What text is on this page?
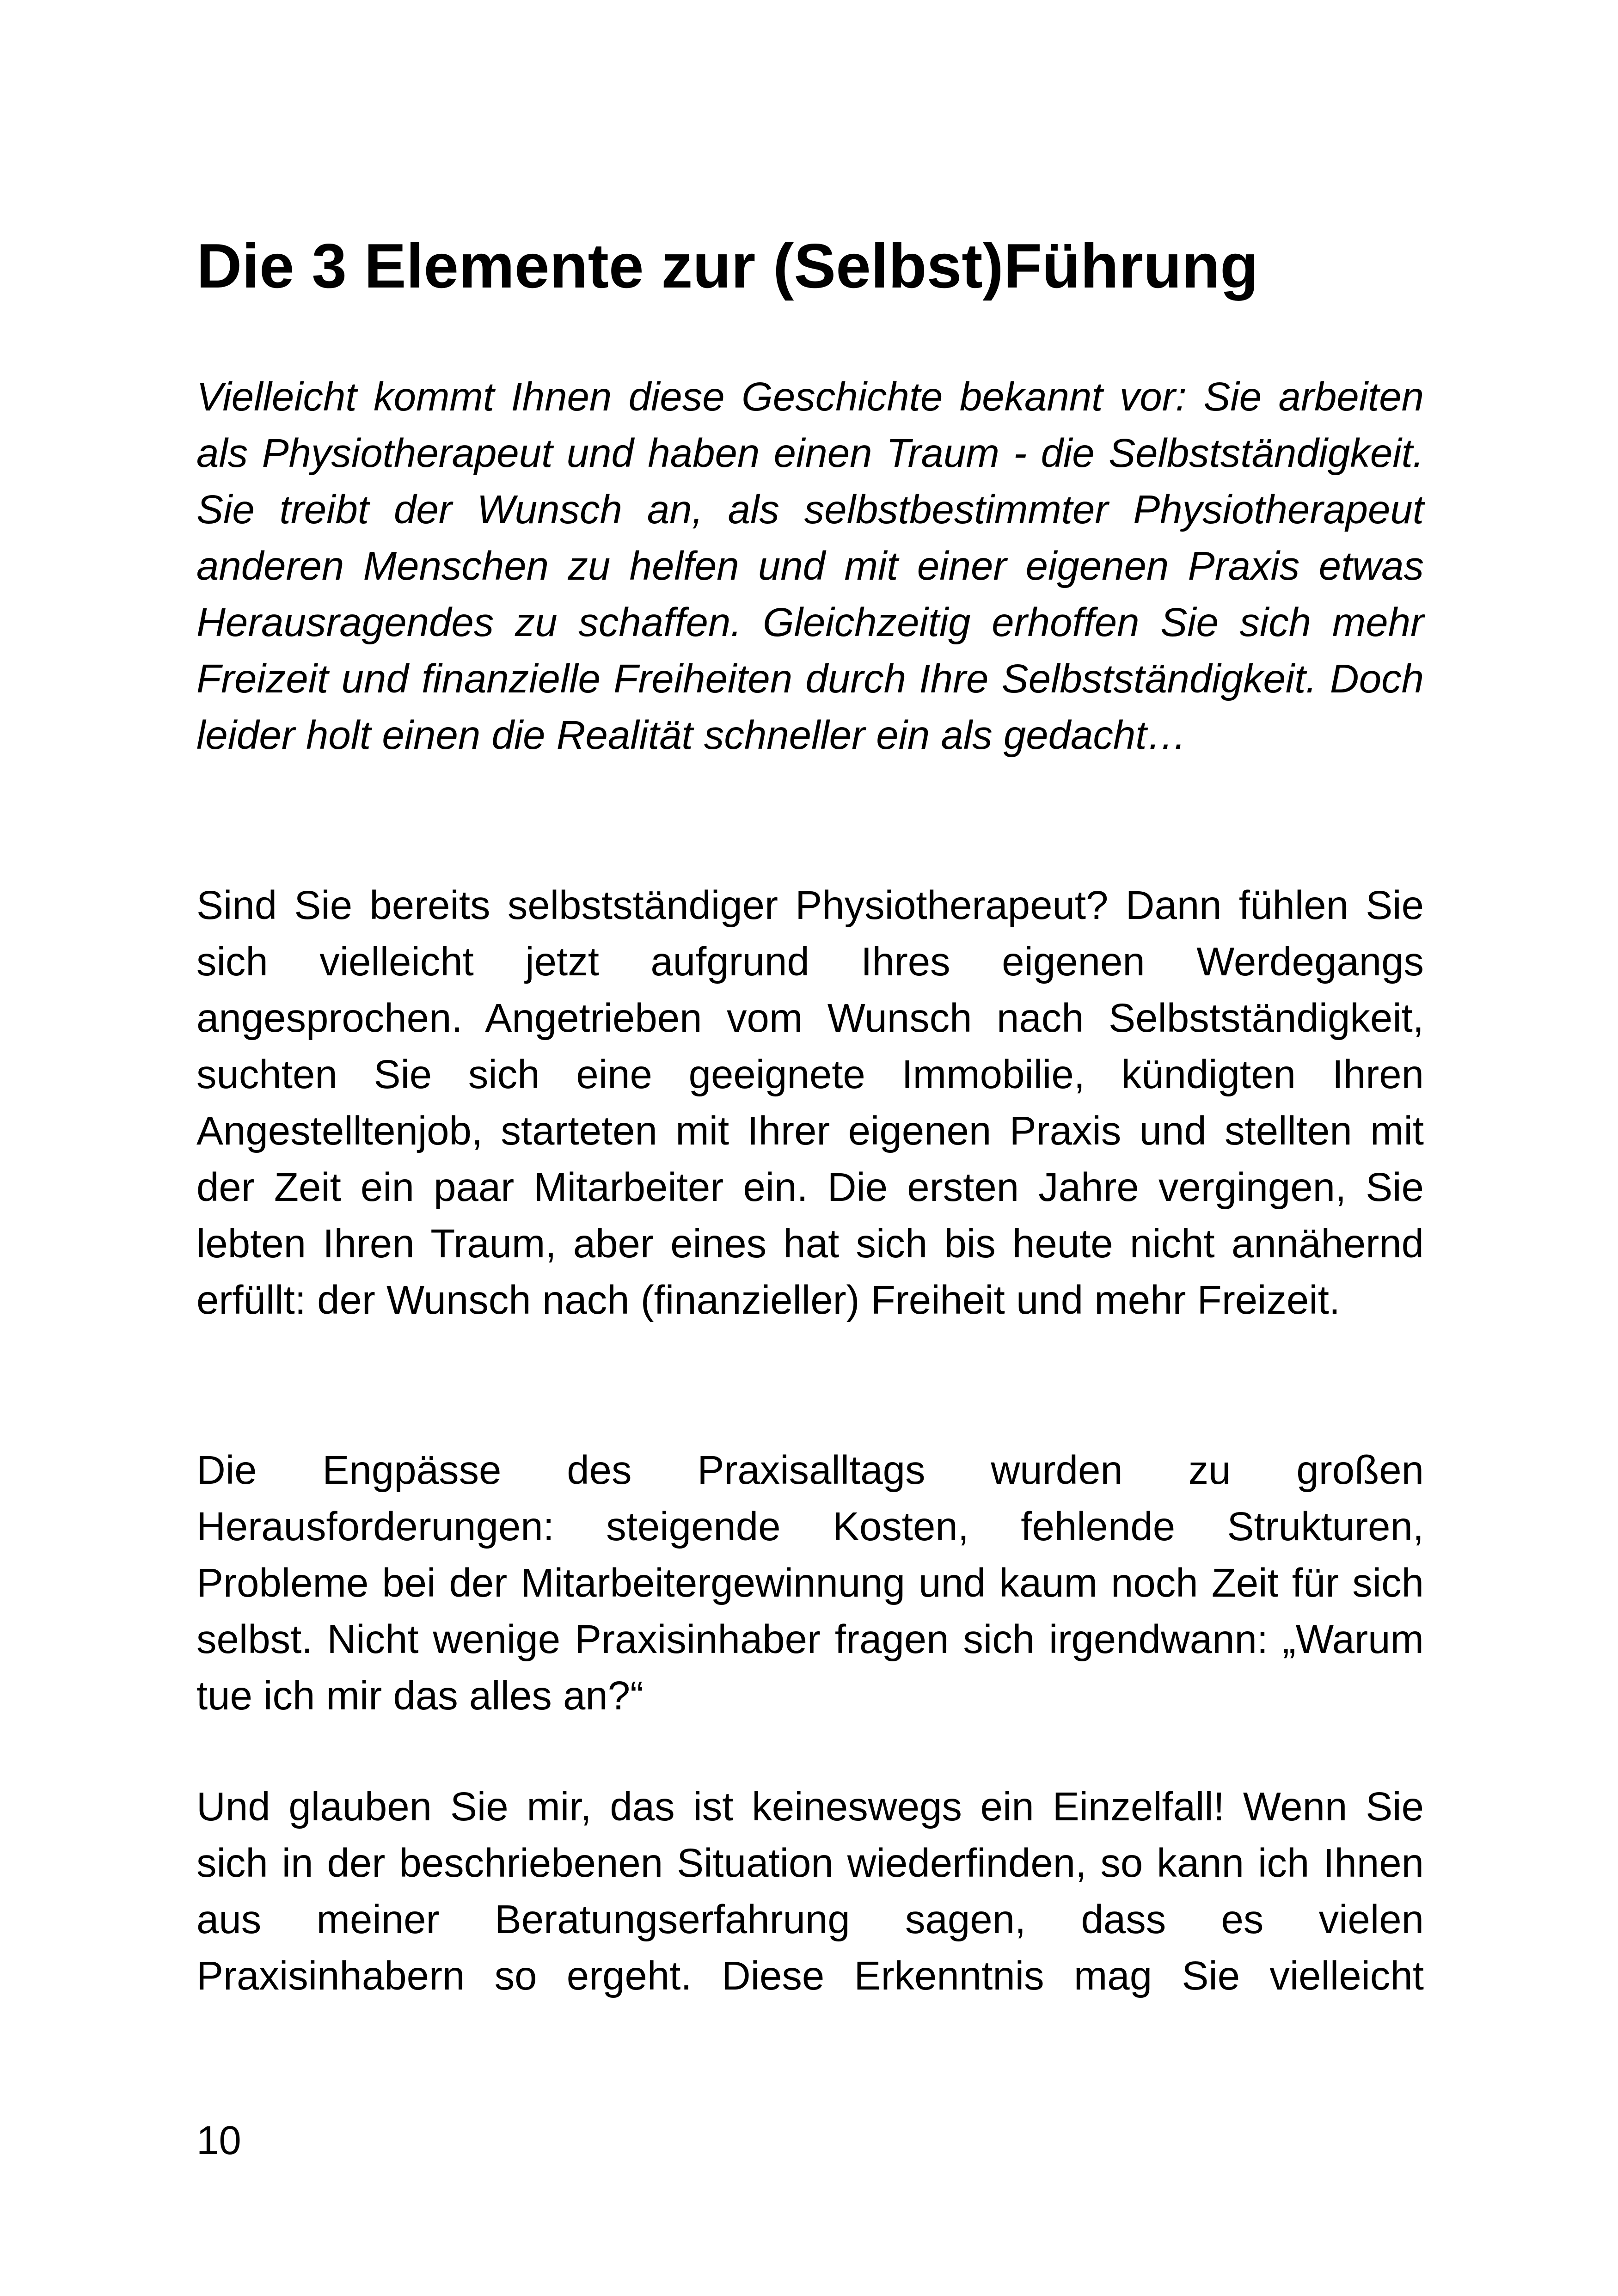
Die 3 Elemente zur (Selbst)Führung

Vielleicht kommt Ihnen diese Geschichte bekannt vor: Sie arbeiten als Physiotherapeut und haben einen Traum - die Selbstständigkeit. Sie treibt der Wunsch an, als selbstbestimmter Physiotherapeut anderen Menschen zu helfen und mit einer eigenen Praxis etwas Herausragendes zu schaffen. Gleichzeitig erhoffen Sie sich mehr Freizeit und finanzielle Freiheiten durch Ihre Selbstständigkeit. Doch leider holt einen die Realität schneller ein als gedacht…

Sind Sie bereits selbstständiger Physiotherapeut? Dann fühlen Sie sich vielleicht jetzt aufgrund Ihres eigenen Werdegangs angesprochen. Angetrieben vom Wunsch nach Selbstständigkeit, suchten Sie sich eine geeignete Immobilie, kündigten Ihren Angestelltenjob, starteten mit Ihrer eigenen Praxis und stellten mit der Zeit ein paar Mitarbeiter ein. Die ersten Jahre vergingen, Sie lebten Ihren Traum, aber eines hat sich bis heute nicht annähernd erfüllt: der Wunsch nach (finanzieller) Freiheit und mehr Freizeit.

Die Engpässe des Praxisalltags wurden zu großen Herausforderungen: steigende Kosten, fehlende Strukturen, Probleme bei der Mitarbeitergewinnung und kaum noch Zeit für sich selbst. Nicht wenige Praxisinhaber fragen sich irgendwann: „Warum tue ich mir das alles an?“

Und glauben Sie mir, das ist keineswegs ein Einzelfall! Wenn Sie sich in der beschriebenen Situation wiederfinden, so kann ich Ihnen aus meiner Beratungserfahrung sagen, dass es vielen Praxisinhabern so ergeht. Diese Erkenntnis mag Sie vielleicht

10
